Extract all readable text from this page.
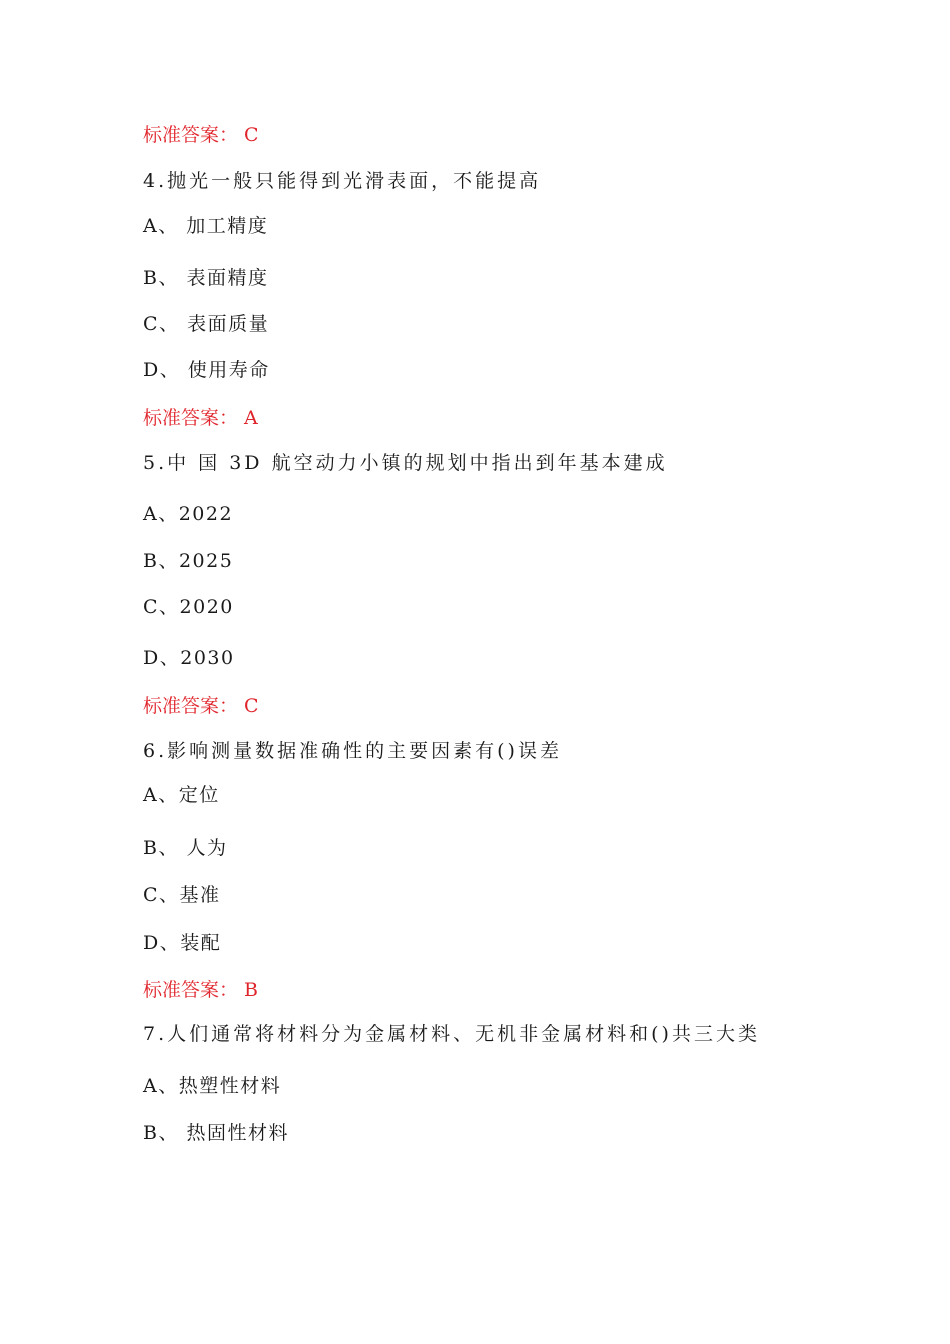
标准答案： C
4.抛光一般只能得到光滑表面，不能提高
A、 加工精度
B、 表面精度
C、 表面质量
D、 使用寿命
标准答案： A
5.中 国 3D 航空动力小镇的规划中指出到年基本建成
A、2022
B、2025
C、2020
D、2030
标准答案： C
6.影响测量数据准确性的主要因素有()误差
A、定位
B、 人为
C、基准
D、装配
标准答案： B
7.人们通常将材料分为金属材料、无机非金属材料和()共三大类
A、热塑性材料
B、 热固性材料
